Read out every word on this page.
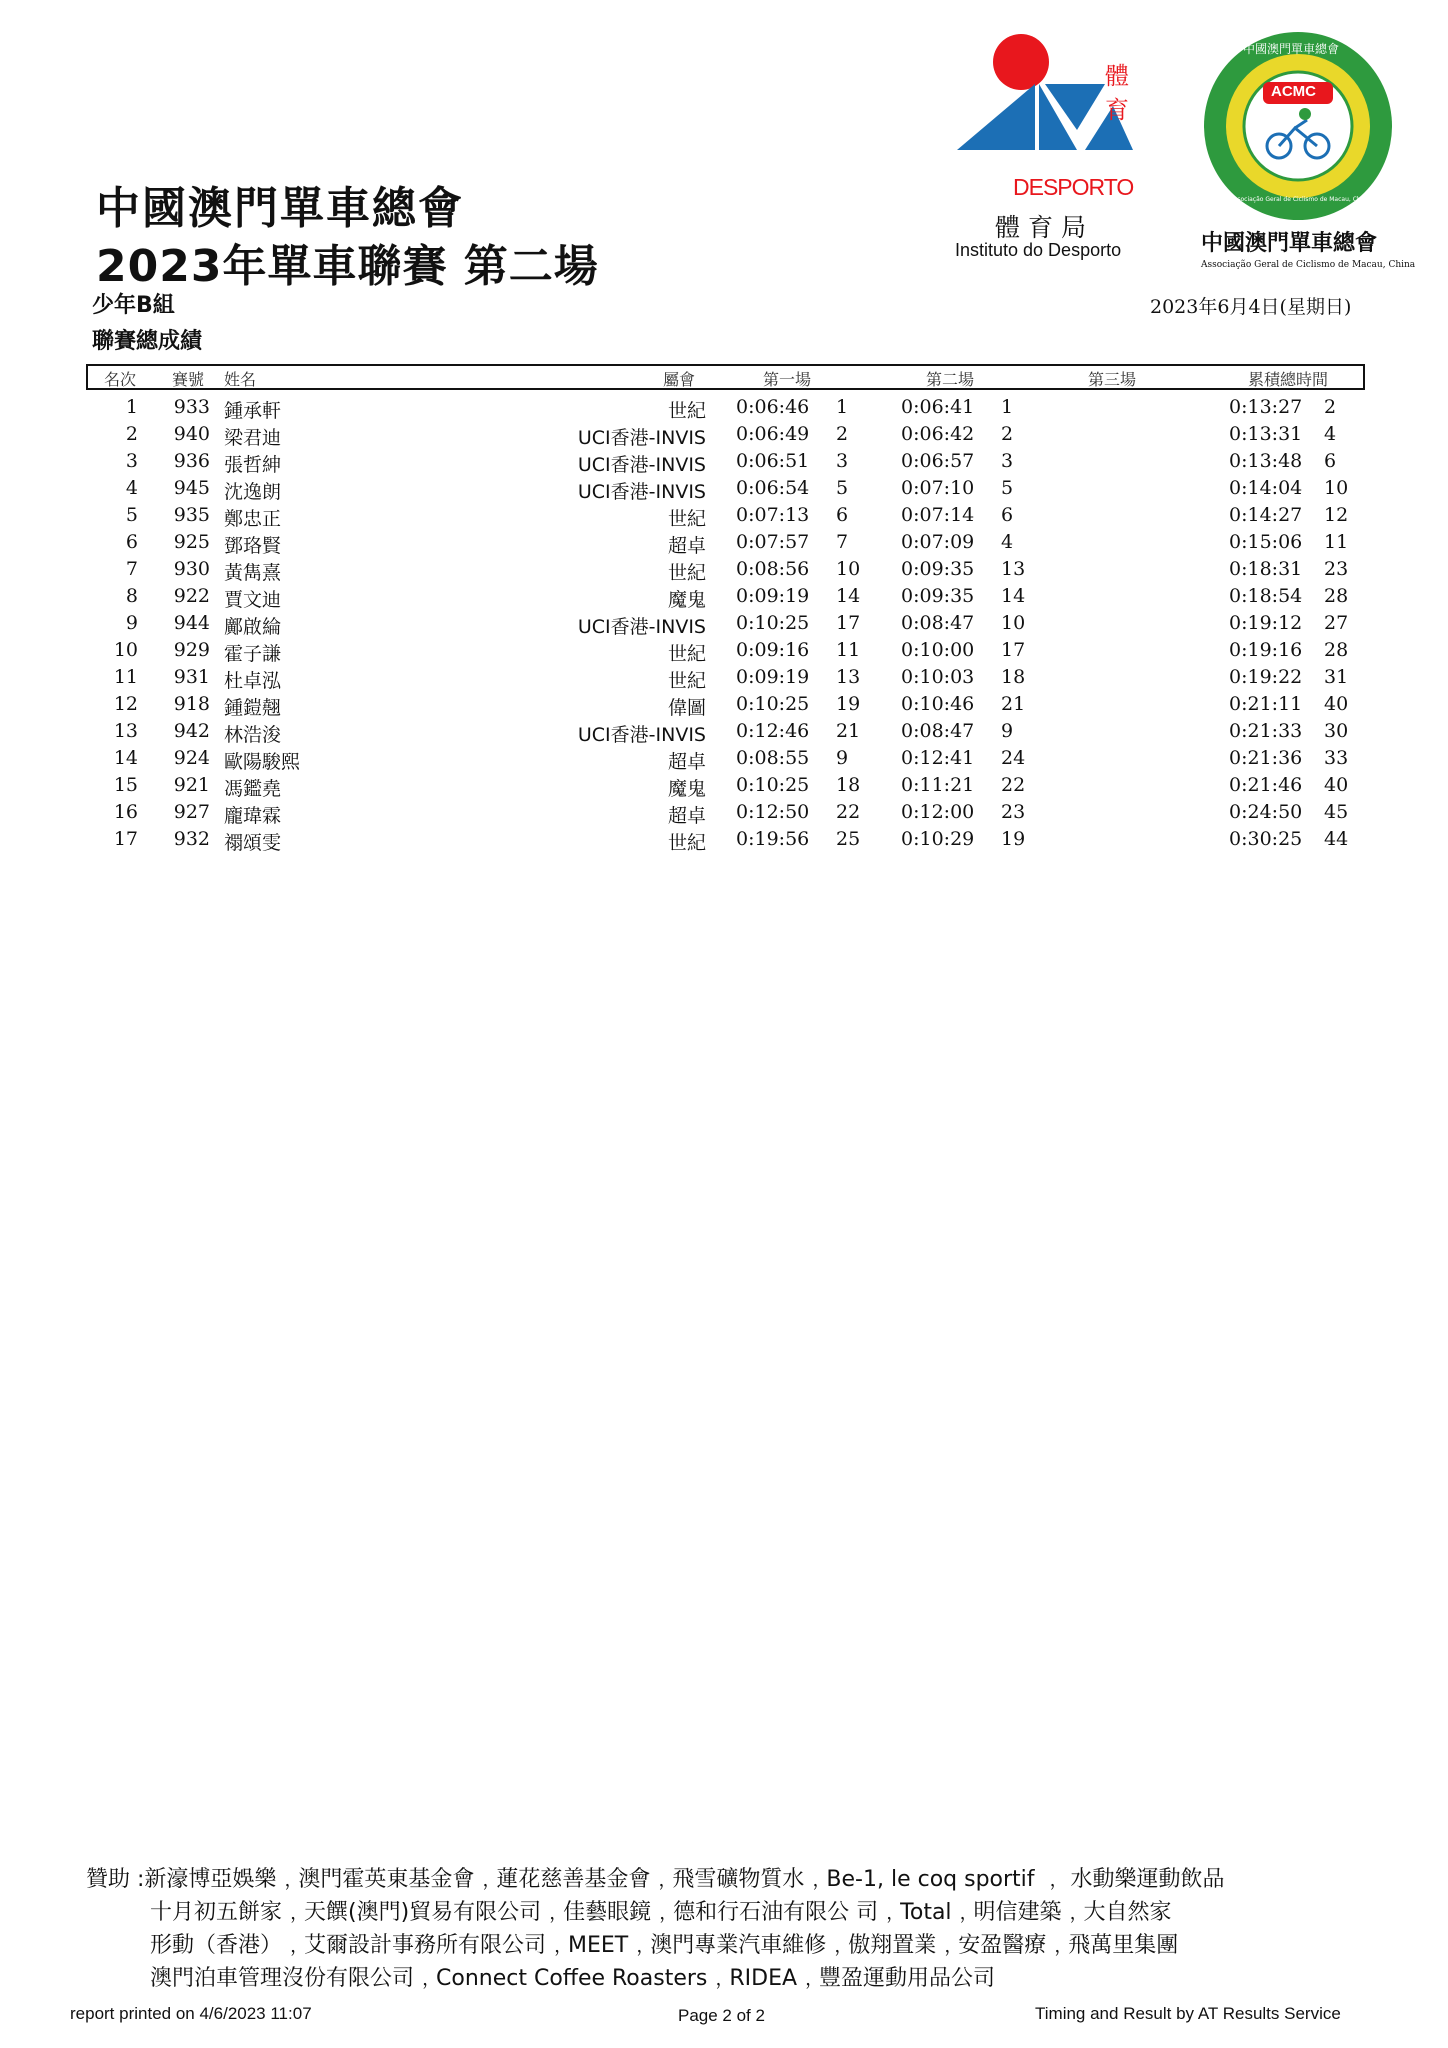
中國澳門單車總會
2023年單車聯賽 第二場
少年B組
聯賽總成績
2023年6月4日(星期日)
體
育
DESPORTO
體育局
Instituto do Desporto
ACMC
中國澳門單車總會
Associação Geral de Ciclismo de Macau, China
中國澳門單車總會
Associação Geral de Ciclismo de Macau, China
名次 賽號 姓名	屬會	第一場	第二場	第三場	累積總時間
1	933 鍾承軒	世紀 0:06:46	1	0:06:41	1	0:13:27	2
2	940 梁君迪	UCI香港-INVIS 0:06:49	2	0:06:42	2	0:13:31	4
3	936 張哲紳	UCI香港-INVIS 0:06:51	3	0:06:57	3	0:13:48	6
4	945 沈逸朗	UCI香港-INVIS 0:06:54	5	0:07:10	5	0:14:04	10
5	935 鄭忠正	世紀 0:07:13	6	0:07:14	6	0:14:27	12
6	925 鄧珞賢	超卓 0:07:57	7	0:07:09	4	0:15:06	11
7	930 黃雋熹	世紀 0:08:56	10	0:09:35	13	0:18:31	23
8	922 賈文迪	魔鬼 0:09:19	14	0:09:35	14	0:18:54	28
9	944 鄺啟綸	UCI香港-INVIS 0:10:25	17	0:08:47	10	0:19:12	27
10	929 霍子謙	世紀 0:09:16	11	0:10:00	17	0:19:16	28
11	931 杜卓泓	世紀 0:09:19	13	0:10:03	18	0:19:22	31
12	918 鍾鎧翹	偉圖 0:10:25	19	0:10:46	21	0:21:11	40
13	942 林浩浚	UCI香港-INVIS 0:12:46	21	0:08:47	9	0:21:33	30
14	924 歐陽駿熙	超卓 0:08:55	9	0:12:41	24	0:21:36	33
15	921 馮鑑堯	魔鬼 0:10:25	18	0:11:21	22	0:21:46	40
16	927 龐瑋霖	超卓 0:12:50	22	0:12:00	23	0:24:50	45
17	932 禤頌雯	世紀 0:19:56	25	0:10:29	19	0:30:25	44
贊助 :新濠博亞娛樂﹐澳門霍英東基金會﹐蓮花慈善基金會﹐飛雪礦物質水﹐Be-1, le coq sportif ﹐ 水動樂運動飲品
十月初五餅家﹐天饌(澳門)貿易有限公司﹐佳藝眼鏡﹐德和行石油有限公 司﹐Total﹐明信建築﹐大自然家
形動（香港）﹐艾爾設計事務所有限公司﹐MEET﹐澳門專業汽車維修﹐傲翔置業﹐安盈醫療﹐飛萬里集團
澳門泊車管理沒份有限公司﹐Connect Coffee Roasters﹐RIDEA﹐豐盈運動用品公司
report printed on 4/6/2023 11:07	Page 2 of 2	Timing and Result by AT Results Service
